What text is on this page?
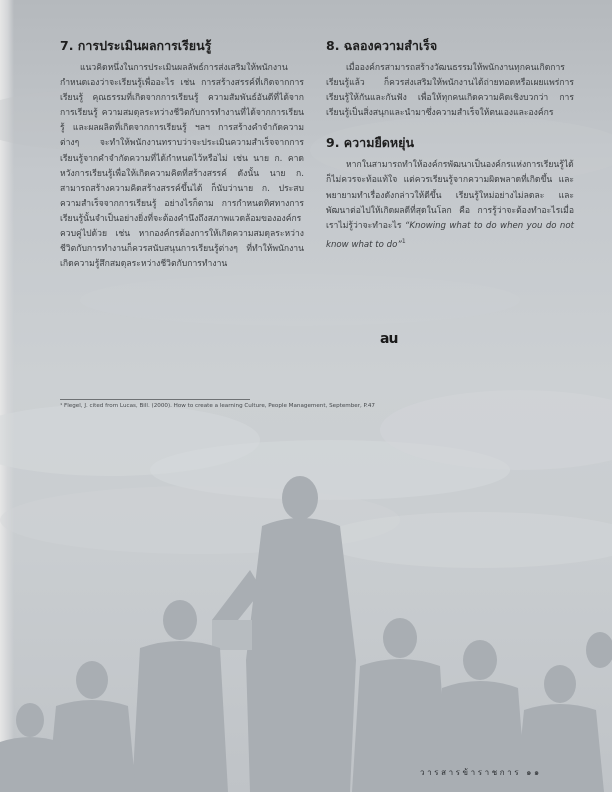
7. การประเมินผลการเรียนรู้

แนวคิดหนึ่งในการประเมินผลลัพธ์การส่งเสริมให้พนักงานกำหนดเองว่าจะเรียนรู้เพื่ออะไร เช่น การสร้างสรรค์ที่เกิดจากการเรียนรู้ คุณธรรมที่เกิดจากการเรียนรู้ ความสัมพันธ์อันดีที่ได้จากการเรียนรู้ ความสมดุลระหว่างชีวิตกับการทำงานที่ได้จากการเรียนรู้ และผลผลิตที่เกิดจากการเรียนรู้ ฯลฯ การสร้างคำจำกัดความต่างๆ จะทำให้พนักงานทราบว่าจะประเมินความสำเร็จจากการเรียนรู้จากคำจำกัดความที่ได้กำหนดไว้หรือไม่ เช่น นาย ก. คาดหวังการเรียนรู้เพื่อให้เกิดความคิดที่สร้างสรรค์ ดังนั้น นาย ก. สามารถสร้างความคิดสร้างสรรค์ขึ้นได้ ก็นับว่านาย ก. ประสบความสำเร็จจากการเรียนรู้ อย่างไรก็ตาม การกำหนดทิศทางการเรียนรู้นั้นจำเป็นอย่างยิ่งที่จะต้องคำนึงถึงสภาพแวดล้อมขององค์กรควบคู่ไปด้วย เช่น หากองค์กรต้องการให้เกิดความสมดุลระหว่างชีวิตกับการทำงานก็ควรสนับสนุนการเรียนรู้ต่างๆ ที่ทำให้พนักงานเกิดความรู้สึกสมดุลระหว่างชีวิตกับการทำงาน

8. ฉลองความสำเร็จ

เมื่อองค์กรสามารถสร้างวัฒนธรรมให้พนักงานทุกคนเกิดการเรียนรู้แล้ว ก็ควรส่งเสริมให้พนักงานได้ถ่ายทอดหรือเผยแพร่การเรียนรู้ให้กันและกันฟัง เพื่อให้ทุกคนเกิดความคิดเชิงบวกว่า การเรียนรู้เป็นสิ่งสนุกและนำมาซึ่งความสำเร็จให้ตนเองและองค์กร

9. ความยืดหยุ่น

หากในสามารถทำให้องค์กรพัฒนาเป็นองค์กรแห่งการเรียนรู้ได้ ก็ไม่ควรจะท้อแท้ใจ แต่ควรเรียนรู้จากความผิดพลาดที่เกิดขึ้น และพยายามทำเรื่องดังกล่าวให้ดีขึ้น เรียนรู้ใหม่อย่างไม่ลดละ และพัฒนาต่อไปให้เกิดผลดีที่สุดในโลก คือ การรู้ว่าจะต้องทำอะไรเมื่อเราไม่รู้ว่าจะทำอะไร “Knowing what to do when you do not know what to do”$^1$

au
¹ Flegel, J. cited from Lucas, Bill. (2000). How to create a learning Culture, People Management, September, P.47
วารสารข้าราชการ ๑๑
